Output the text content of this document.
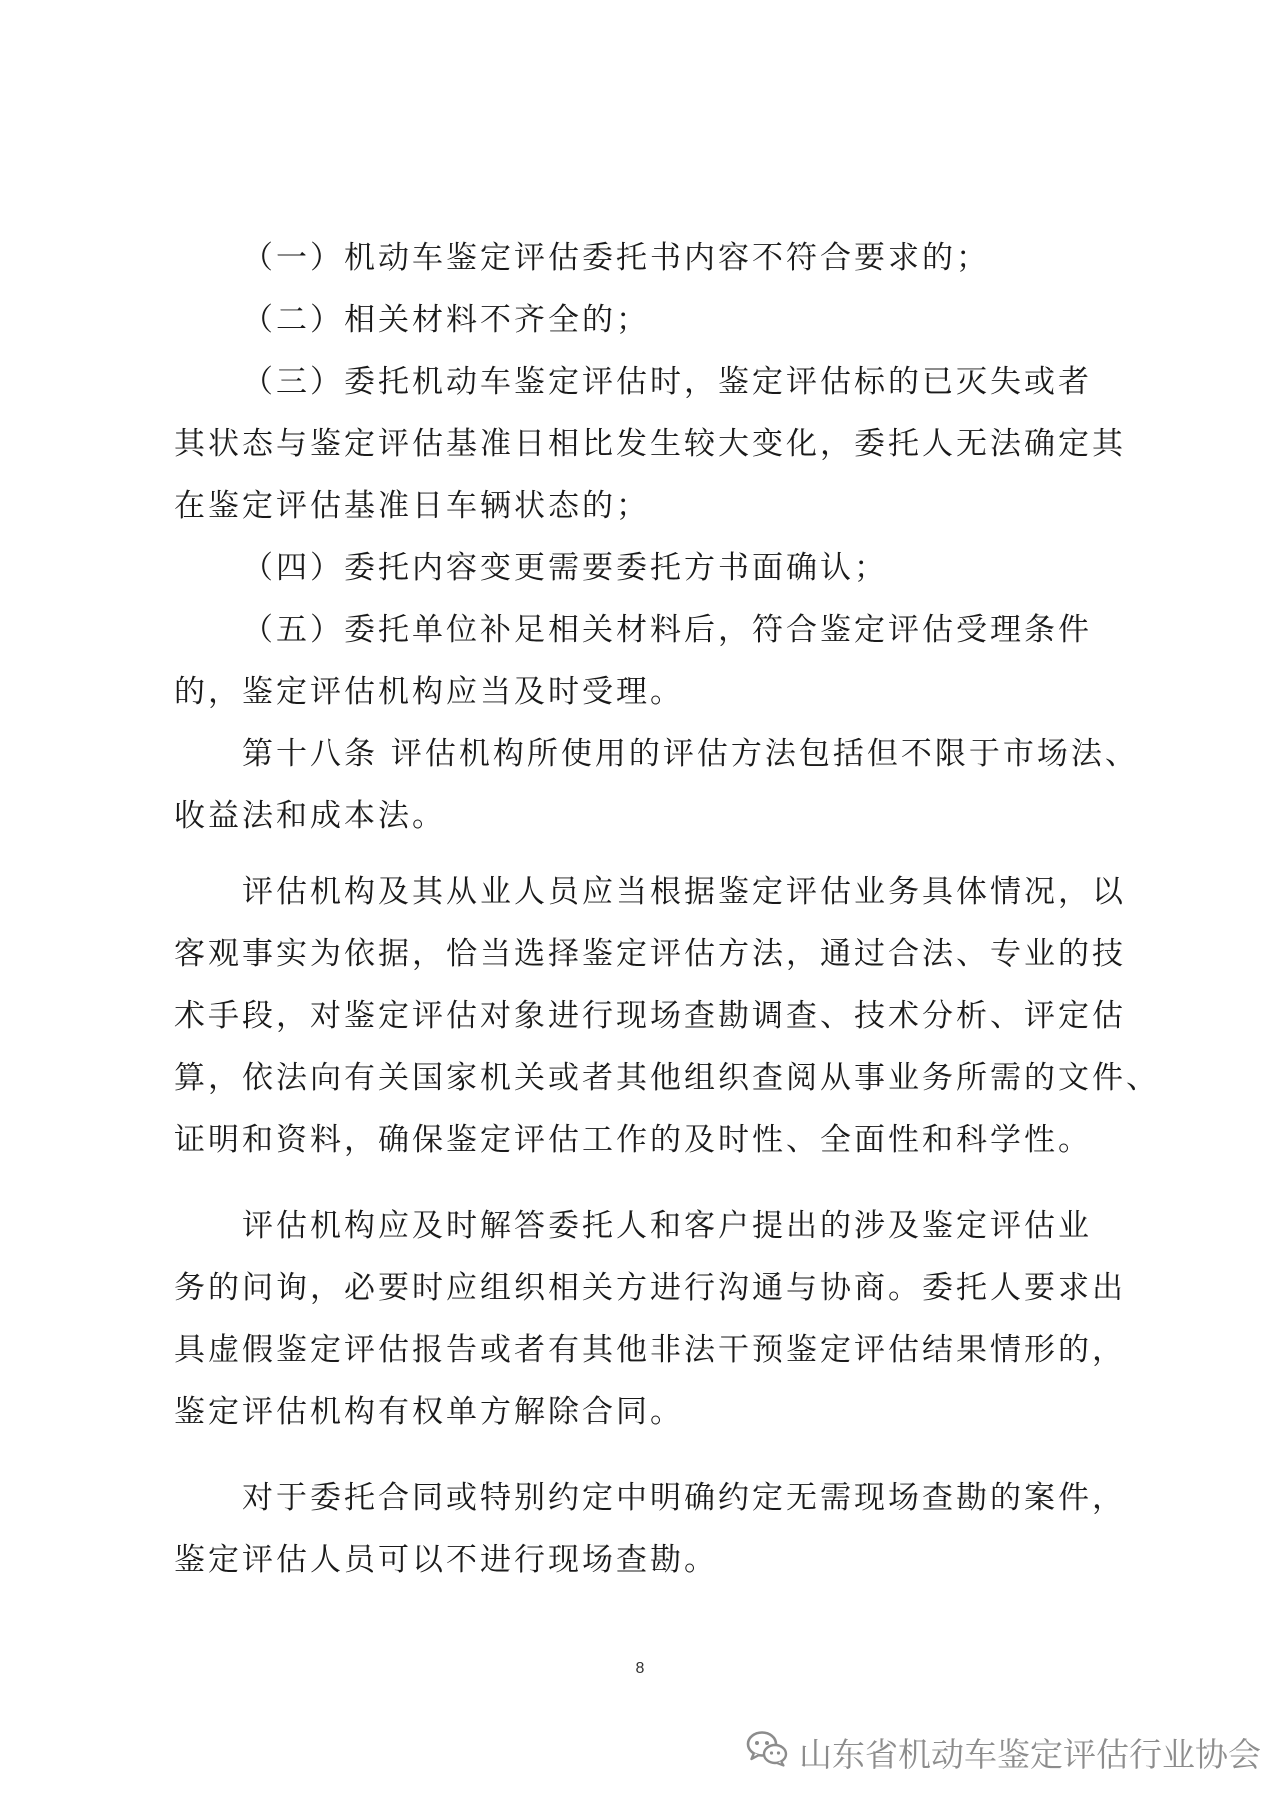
（一）机动车鉴定评估委托书内容不符合要求的；
（二）相关材料不齐全的；
（三）委托机动车鉴定评估时，鉴定评估标的已灭失或者
其状态与鉴定评估基准日相比发生较大变化，委托人无法确定其
在鉴定评估基准日车辆状态的；
（四）委托内容变更需要委托方书面确认；
（五）委托单位补足相关材料后，符合鉴定评估受理条件
的，鉴定评估机构应当及时受理。
第十八条 评估机构所使用的评估方法包括但不限于市场法、
收益法和成本法。
评估机构及其从业人员应当根据鉴定评估业务具体情况，以
客观事实为依据，恰当选择鉴定评估方法，通过合法、专业的技
术手段，对鉴定评估对象进行现场查勘调查、技术分析、评定估
算，依法向有关国家机关或者其他组织查阅从事业务所需的文件、
证明和资料，确保鉴定评估工作的及时性、全面性和科学性。
评估机构应及时解答委托人和客户提出的涉及鉴定评估业
务的问询，必要时应组织相关方进行沟通与协商。委托人要求出
具虚假鉴定评估报告或者有其他非法干预鉴定评估结果情形的，
鉴定评估机构有权单方解除合同。
对于委托合同或特别约定中明确约定无需现场查勘的案件，
鉴定评估人员可以不进行现场查勘。
8
山东省机动车鉴定评估行业协会
